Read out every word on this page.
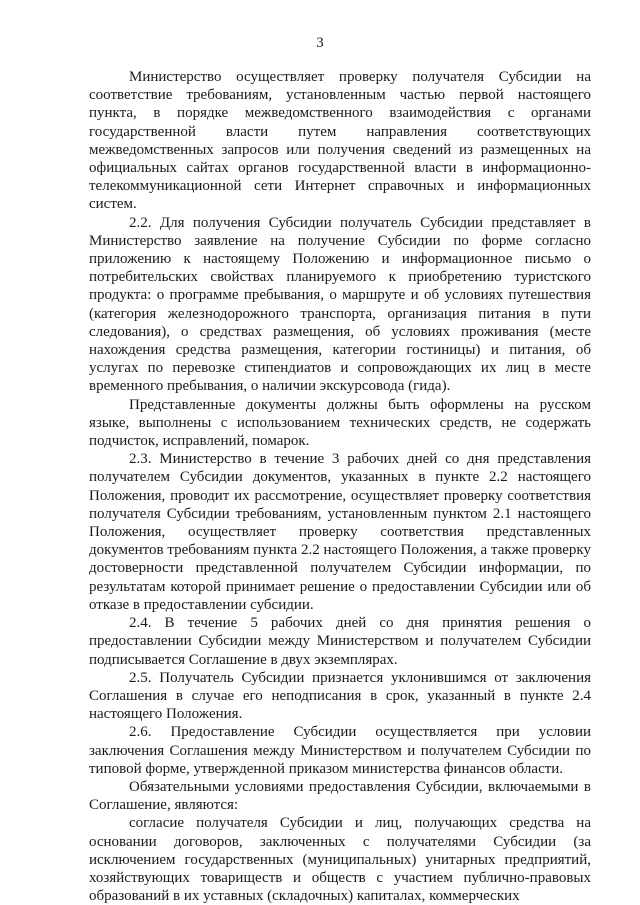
3

Министерство осуществляет проверку получателя Субсидии на соответствие требованиям, установленным частью первой настоящего пункта, в порядке межведомственного взаимодействия с органами государственной власти путем направления соответствующих межведомственных запросов или получения сведений из размещенных на официальных сайтах органов государственной власти в информационно-телекоммуникационной сети Интернет справочных и информационных систем.

2.2. Для получения Субсидии получатель Субсидии представляет в Министерство заявление на получение Субсидии по форме согласно приложению к настоящему Положению и информационное письмо о потребительских свойствах планируемого к приобретению туристского продукта: о программе пребывания, о маршруте и об условиях путешествия (категория железнодорожного транспорта, организация питания в пути следования), о средствах размещения, об условиях проживания (месте нахождения средства размещения, категории гостиницы) и питания, об услугах по перевозке стипендиатов и сопровождающих их лиц в месте временного пребывания, о наличии экскурсовода (гида).

Представленные документы должны быть оформлены на русском языке, выполнены с использованием технических средств, не содержать подчисток, исправлений, помарок.

2.3. Министерство в течение 3 рабочих дней со дня представления получателем Субсидии документов, указанных в пункте 2.2 настоящего Положения, проводит их рассмотрение, осуществляет проверку соответствия получателя Субсидии требованиям, установленным пунктом 2.1 настоящего Положения, осуществляет проверку соответствия представленных документов требованиям пункта 2.2 настоящего Положения, а также проверку достоверности представленной получателем Субсидии информации, по результатам которой принимает решение о предоставлении Субсидии или об отказе в предоставлении субсидии.

2.4. В течение 5 рабочих дней со дня принятия решения о предоставлении Субсидии между Министерством и получателем Субсидии подписывается Соглашение в двух экземплярах.

2.5. Получатель Субсидии признается уклонившимся от заключения Соглашения в случае его неподписания в срок, указанный в пункте 2.4 настоящего Положения.

2.6. Предоставление Субсидии осуществляется при условии заключения Соглашения между Министерством и получателем Субсидии по типовой форме, утвержденной приказом министерства финансов области.

Обязательными условиями предоставления Субсидии, включаемыми в Соглашение, являются:

согласие получателя Субсидии и лиц, получающих средства на основании договоров, заключенных с получателями Субсидии (за исключением государственных (муниципальных) унитарных предприятий, хозяйствующих товариществ и обществ с участием публично-правовых образований в их уставных (складочных) капиталах, коммерческих
